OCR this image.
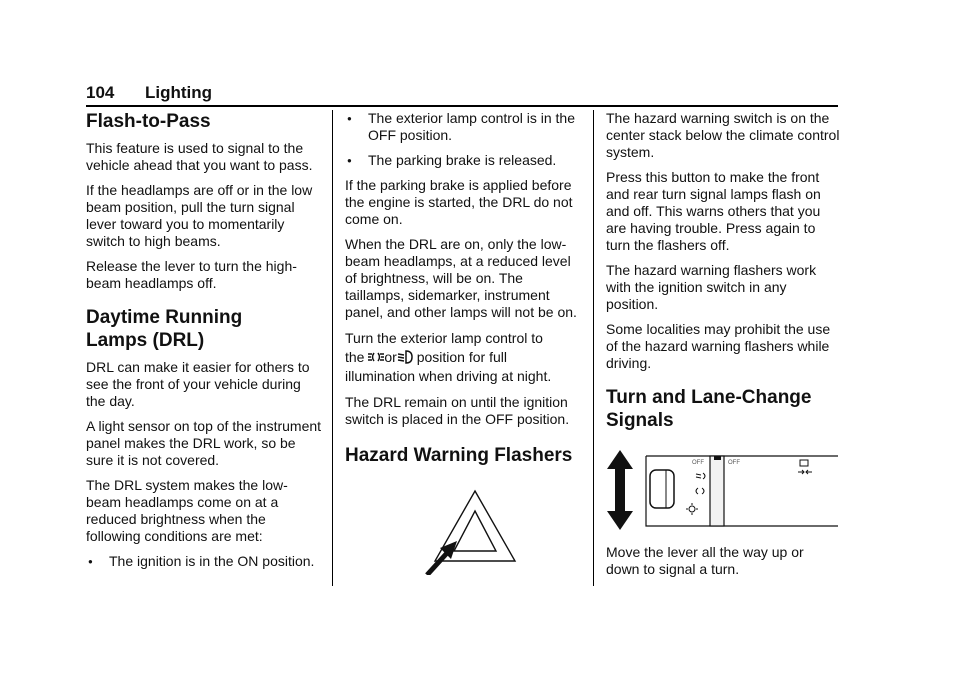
104 Lighting
Flash-to-Pass

This feature is used to signal to the vehicle ahead that you want to pass.

If the headlamps are off or in the low beam position, pull the turn signal lever toward you to momentarily switch to high beams.

Release the lever to turn the high-beam headlamps off.

Daytime Running
Lamps (DRL)

DRL can make it easier for others to see the front of your vehicle during the day.

A light sensor on top of the instrument panel makes the DRL work, so be sure it is not covered.

The DRL system makes the low-beam headlamps come on at a reduced brightness when the following conditions are met:

● The ignition is in the ON position.
● The exterior lamp control is in the OFF position.
● The parking brake is released.

If the parking brake is applied before the engine is started, the DRL do not come on.

When the DRL are on, only the low-beam headlamps, at a reduced level of brightness, will be on. The taillamps, sidemarker, instrument panel, and other lamps will not be on.

Turn the exterior lamp control to
the or position for full
illumination when driving at night.

The DRL remain on until the ignition switch is placed in the OFF position.

Hazard Warning Flashers

The hazard warning switch is on the center stack below the climate control system.

Press this button to make the front and rear turn signal lamps flash on and off. This warns others that you are having trouble. Press again to turn the flashers off.

The hazard warning flashers work with the ignition switch in any position.

Some localities may prohibit the use of the hazard warning flashers while driving.

Turn and Lane-Change
Signals
OFF	OFF

Move the lever all the way up or down to signal a turn.
